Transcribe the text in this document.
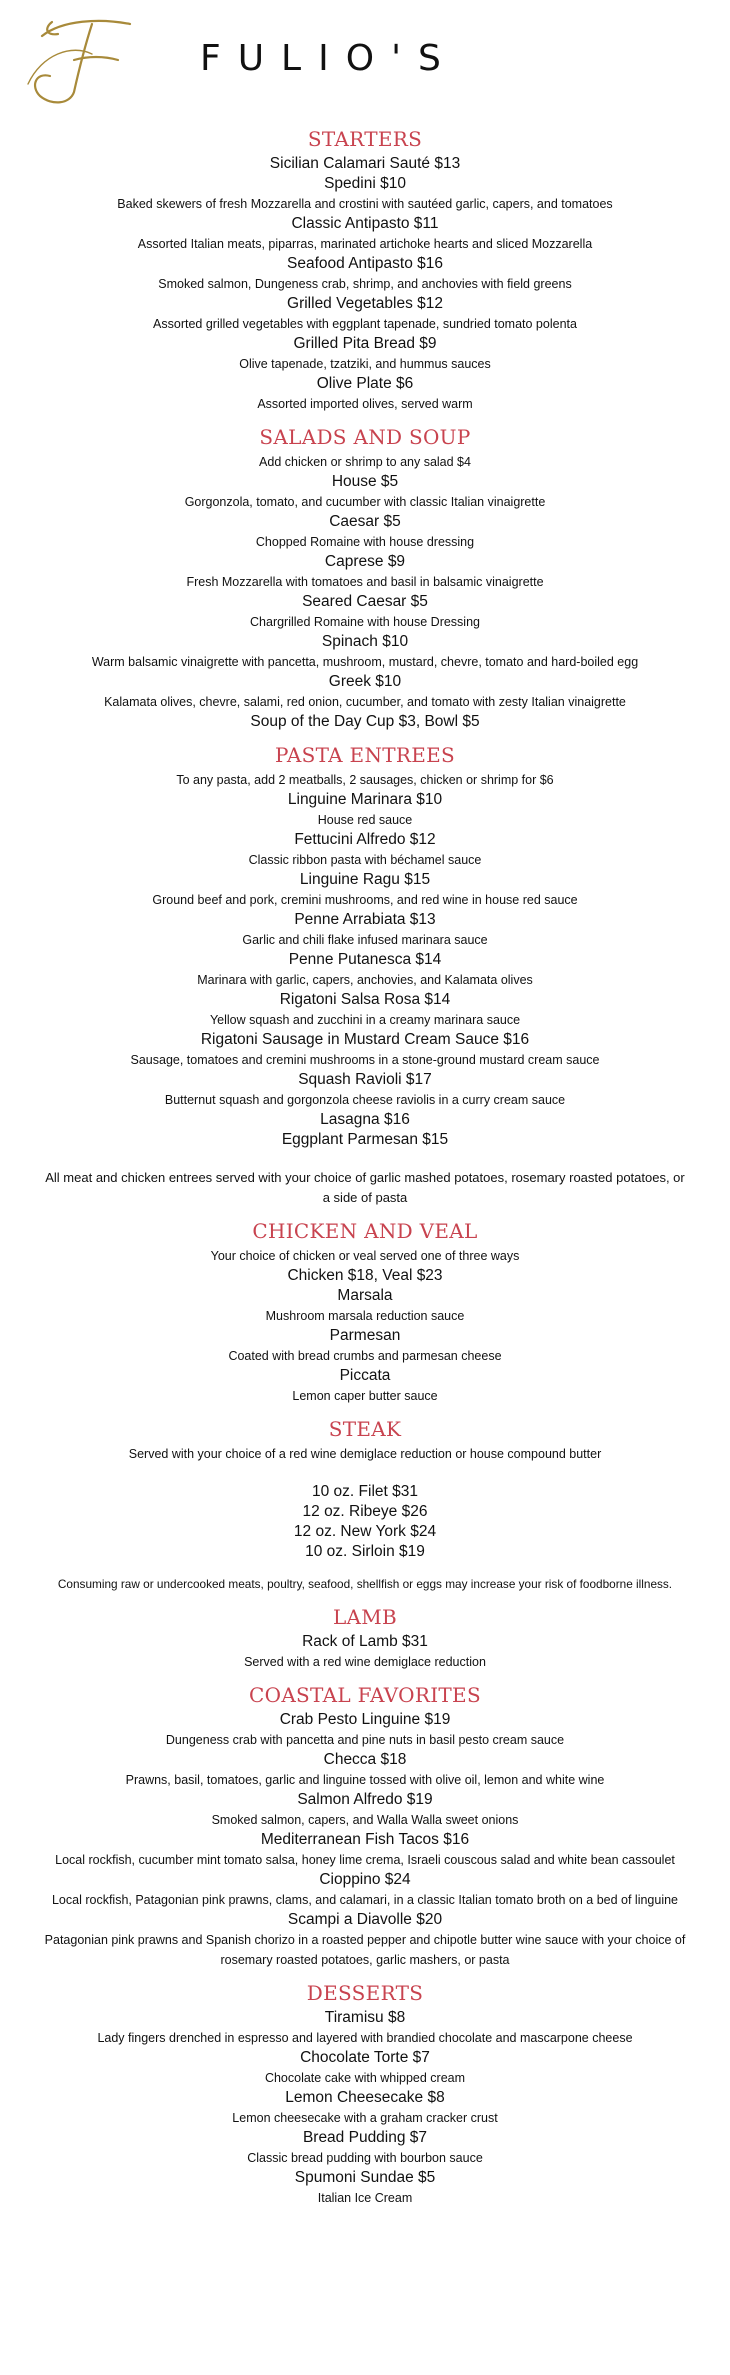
FULIO'S
STARTERS
Sicilian Calamari Sauté $13
Spedini $10
Baked skewers of fresh Mozzarella and crostini with sautéed garlic, capers, and tomatoes
Classic Antipasto $11
Assorted Italian meats, piparras, marinated artichoke hearts and sliced Mozzarella
Seafood Antipasto $16
Smoked salmon, Dungeness crab, shrimp, and anchovies with field greens
Grilled Vegetables $12
Assorted grilled vegetables with eggplant tapenade, sundried tomato polenta
Grilled Pita Bread $9
Olive tapenade, tzatziki, and hummus sauces
Olive Plate $6
Assorted imported olives, served warm
SALADS AND SOUP
Add chicken or shrimp to any salad $4
House $5
Gorgonzola, tomato, and cucumber with classic Italian vinaigrette
Caesar $5
Chopped Romaine with house dressing
Caprese $9
Fresh Mozzarella with tomatoes and basil in balsamic vinaigrette
Seared Caesar $5
Chargrilled Romaine with house Dressing
Spinach $10
Warm balsamic vinaigrette with pancetta, mushroom, mustard, chevre, tomato and hard-boiled egg
Greek $10
Kalamata olives, chevre, salami, red onion, cucumber, and tomato with zesty Italian vinaigrette
Soup of the Day Cup $3, Bowl $5
PASTA ENTREES
To any pasta, add 2 meatballs, 2 sausages, chicken or shrimp for $6
Linguine Marinara $10
House red sauce
Fettucini Alfredo $12
Classic ribbon pasta with béchamel sauce
Linguine Ragu $15
Ground beef and pork, cremini mushrooms, and red wine in house red sauce
Penne Arrabiata $13
Garlic and chili flake infused marinara sauce
Penne Putanesca $14
Marinara with garlic, capers, anchovies, and Kalamata olives
Rigatoni Salsa Rosa $14
Yellow squash and zucchini in a creamy marinara sauce
Rigatoni Sausage in Mustard Cream Sauce $16
Sausage, tomatoes and cremini mushrooms in a stone-ground mustard cream sauce
Squash Ravioli $17
Butternut squash and gorgonzola cheese raviolis in a curry cream sauce
Lasagna $16
Eggplant Parmesan $15
All meat and chicken entrees served with your choice of garlic mashed potatoes, rosemary roasted potatoes, or a side of pasta
CHICKEN AND VEAL
Your choice of chicken or veal served one of three ways
Chicken $18, Veal $23
Marsala
Mushroom marsala reduction sauce
Parmesan
Coated with bread crumbs and parmesan cheese
Piccata
Lemon caper butter sauce
STEAK
Served with your choice of a red wine demiglace reduction or house compound butter
10 oz. Filet $31
12 oz. Ribeye $26
12 oz. New York $24
10 oz. Sirloin $19
Consuming raw or undercooked meats, poultry, seafood, shellfish or eggs may increase your risk of foodborne illness.
LAMB
Rack of Lamb $31
Served with a red wine demiglace reduction
COASTAL FAVORITES
Crab Pesto Linguine $19
Dungeness crab with pancetta and pine nuts in basil pesto cream sauce
Checca $18
Prawns, basil, tomatoes, garlic and linguine tossed with olive oil, lemon and white wine
Salmon Alfredo $19
Smoked salmon, capers, and Walla Walla sweet onions
Mediterranean Fish Tacos $16
Local rockfish, cucumber mint tomato salsa, honey lime crema, Israeli couscous salad and white bean cassoulet
Cioppino $24
Local rockfish, Patagonian pink prawns, clams, and calamari, in a classic Italian tomato broth on a bed of linguine
Scampi a Diavolle $20
Patagonian pink prawns and Spanish chorizo in a roasted pepper and chipotle butter wine sauce with your choice of rosemary roasted potatoes, garlic mashers, or pasta
DESSERTS
Tiramisu $8
Lady fingers drenched in espresso and layered with brandied chocolate and mascarpone cheese
Chocolate Torte $7
Chocolate cake with whipped cream
Lemon Cheesecake $8
Lemon cheesecake with a graham cracker crust
Bread Pudding $7
Classic bread pudding with bourbon sauce
Spumoni Sundae $5
Italian Ice Cream
